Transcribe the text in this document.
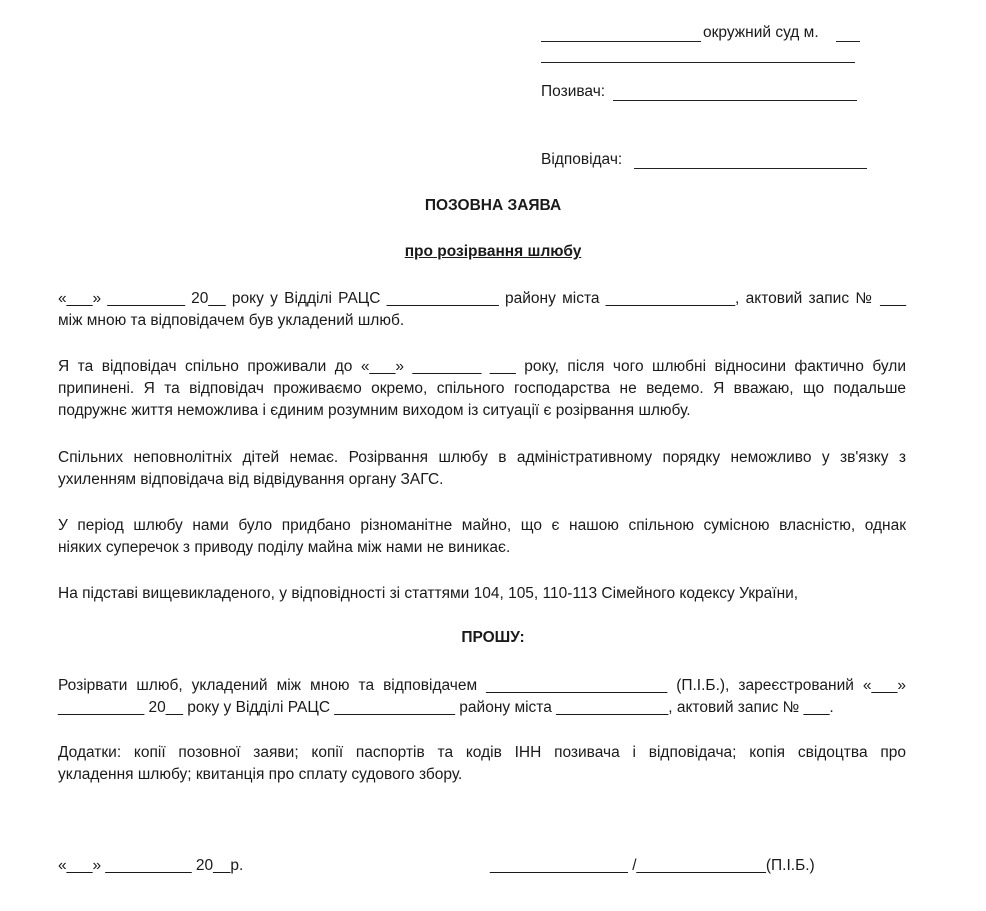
окружний суд м.
Позивач:
Відповідач:
ПОЗОВНА ЗАЯВА
про розірвання шлюбу
«___» _________ 20__ року у Відділі РАЦС _____________ району міста _______________, актовий запис № ___
між мною та відповідачем був укладений шлюб.
Я та відповідач спільно проживали до «___» ________ ___ року, після чого шлюбні відносини фактично були
припинені. Я та відповідач проживаємо окремо, спільного господарства не ведемо. Я вважаю, що подальше
подружнє життя неможлива і єдиним розумним виходом із ситуації є розірвання шлюбу.
Спільних неповнолітніх дітей немає. Розірвання шлюбу в адміністративному порядку неможливо у зв'язку з
ухиленням відповідача від відвідування органу ЗАГС.
У період шлюбу нами було придбано різноманітне майно, що є нашою спільною сумісною власністю, однак
ніяких суперечок з приводу поділу майна між нами не виникає.
На підставі вищевикладеного, у відповідності зі статтями 104, 105, 110-113 Сімейного кодексу України,
ПРОШУ:
Розірвати шлюб, укладений між мною та відповідачем _____________________ (П.І.Б.), зареєстрований «___»
__________ 20__ року у Відділі РАЦС ______________ району міста _____________, актовий запис № ___.
Додатки: копії позовної заяви; копії паспортів та кодів ІНН позивача і відповідача; копія свідоцтва про
укладення шлюбу; квитанція про сплату судового збору.
«___» __________ 20__р.	________________ /_______________(П.І.Б.)
